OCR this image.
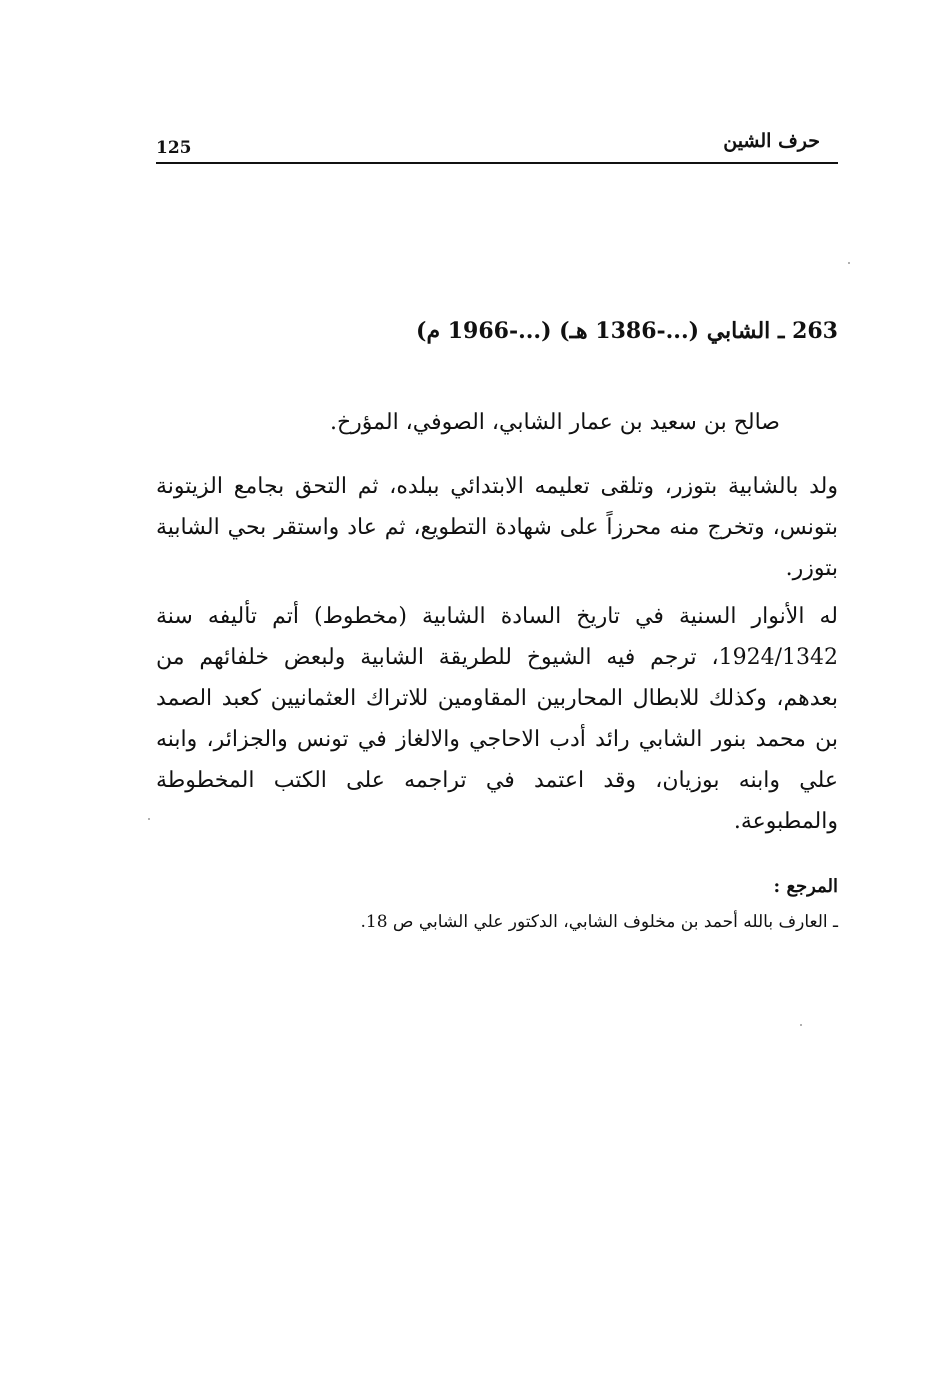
125	حرف الشين
263 ـ الشابي (...-1386 هـ) (...-1966 م)
صالح بن سعيد بن عمار الشابي، الصوفي، المؤرخ.

ولد بالشابية بتوزر، وتلقى تعليمه الابتدائي ببلده، ثم التحق بجامع الزيتونة بتونس، وتخرج منه محرزاً على شهادة التطويع، ثم عاد واستقر بحي الشابية بتوزر.

له الأنوار السنية في تاريخ السادة الشابية (مخطوط) أتم تأليفه سنة 1924/1342، ترجم فيه الشيوخ للطريقة الشابية ولبعض خلفائهم من بعدهم، وكذلك للابطال المحاربين المقاومين للاتراك العثمانيين كعبد الصمد بن محمد بنور الشابي رائد أدب الاحاجي والالغاز في تونس والجزائر، وابنه علي وابنه بوزيان، وقد اعتمد في تراجمه على الكتب المخطوطة والمطبوعة.

المرجع :
ـ العارف بالله أحمد بن مخلوف الشابي، الدكتور علي الشابي ص 18.
